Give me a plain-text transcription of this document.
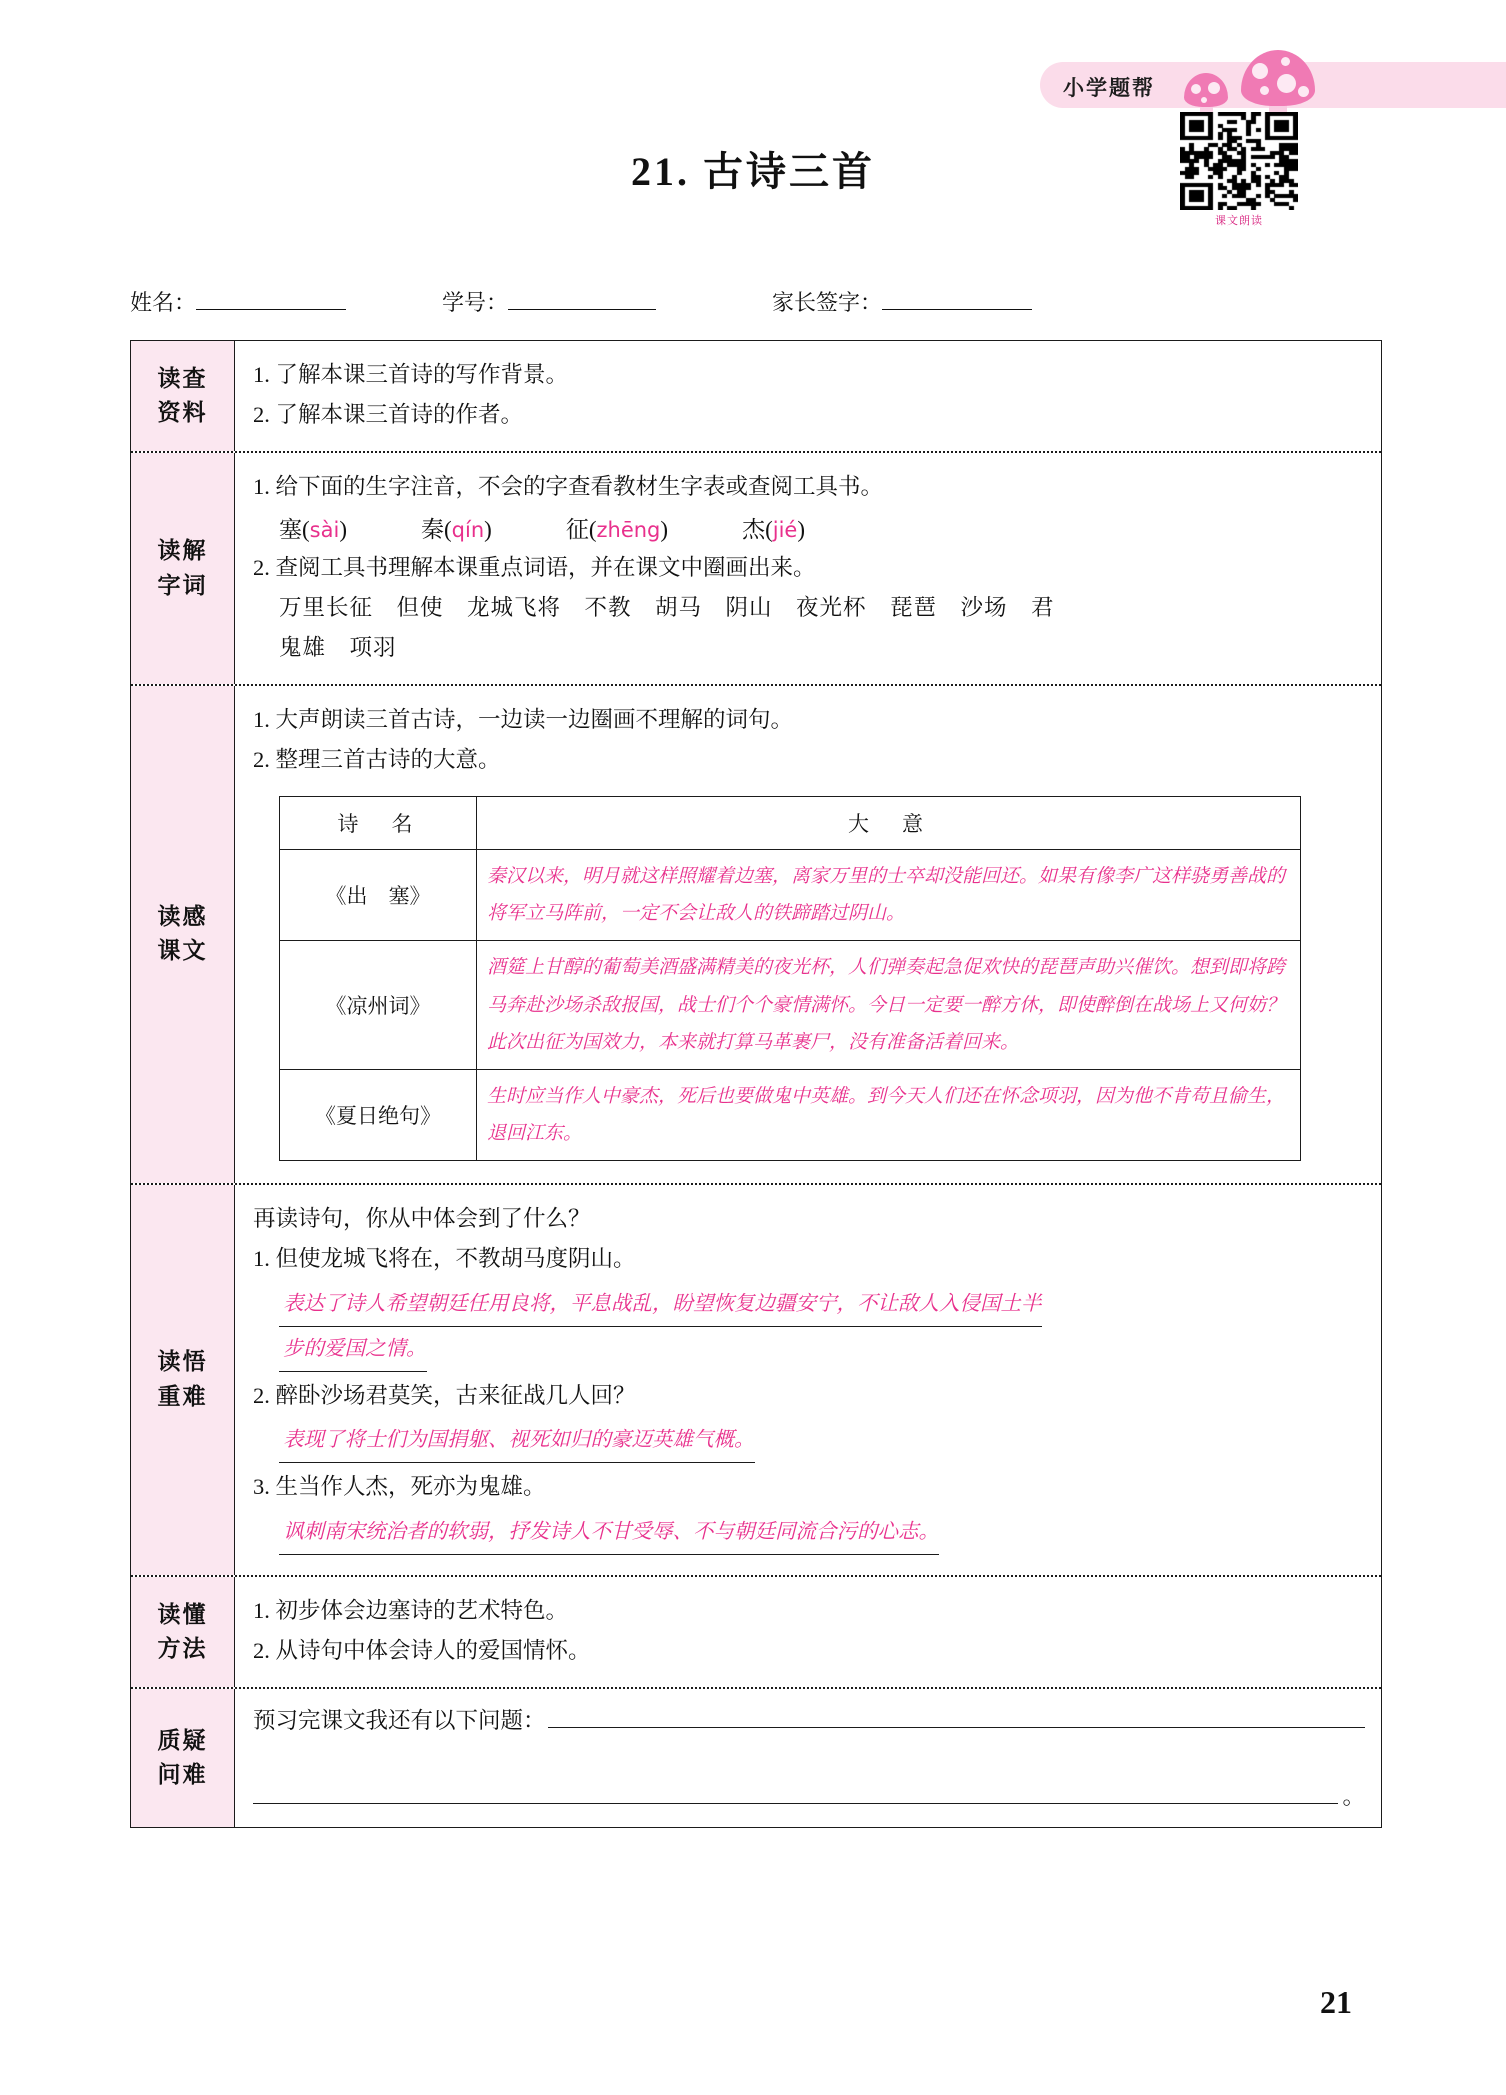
小学题帮
课文朗读
21. 古诗三首
姓名：	学号：	家长签字：
读查
资料
1. 了解本课三首诗的写作背景。
2. 了解本课三首诗的作者。
读解
字词
1. 给下面的生字注音，不会的字查看教材生字表或查阅工具书。
塞(sài)	秦(qín)	征(zhēng)	杰(jié)
2. 查阅工具书理解本课重点词语，并在课文中圈画出来。
万里长征　但使　龙城飞将　不教　胡马　阴山　夜光杯　琵琶　沙场　君
鬼雄　项羽
读感
课文
1. 大声朗读三首古诗，一边读一边圈画不理解的词句。
2. 整理三首古诗的大意。
诗　名	大　意
《出　塞》	秦汉以来，明月就这样照耀着边塞，离家万里的士卒却没能回还。如果有像李广这样骁勇善战的将军立马阵前，一定不会让敌人的铁蹄踏过阴山。
《凉州词》	酒筵上甘醇的葡萄美酒盛满精美的夜光杯，人们弹奏起急促欢快的琵琶声助兴催饮。想到即将跨马奔赴沙场杀敌报国，战士们个个豪情满怀。今日一定要一醉方休，即使醉倒在战场上又何妨？此次出征为国效力，本来就打算马革裹尸，没有准备活着回来。
《夏日绝句》	生时应当作人中豪杰，死后也要做鬼中英雄。到今天人们还在怀念项羽，因为他不肯苟且偷生，退回江东。
读悟
重难
再读诗句，你从中体会到了什么？
1. 但使龙城飞将在，不教胡马度阴山。
表达了诗人希望朝廷任用良将，平息战乱，盼望恢复边疆安宁，不让敌人入侵国土半
步的爱国之情。
2. 醉卧沙场君莫笑，古来征战几人回？
表现了将士们为国捐躯、视死如归的豪迈英雄气概。
3. 生当作人杰，死亦为鬼雄。
讽刺南宋统治者的软弱，抒发诗人不甘受辱、不与朝廷同流合污的心志。
读懂
方法
1. 初步体会边塞诗的艺术特色。
2. 从诗句中体会诗人的爱国情怀。
质疑
问难
预习完课文我还有以下问题：
。
21
